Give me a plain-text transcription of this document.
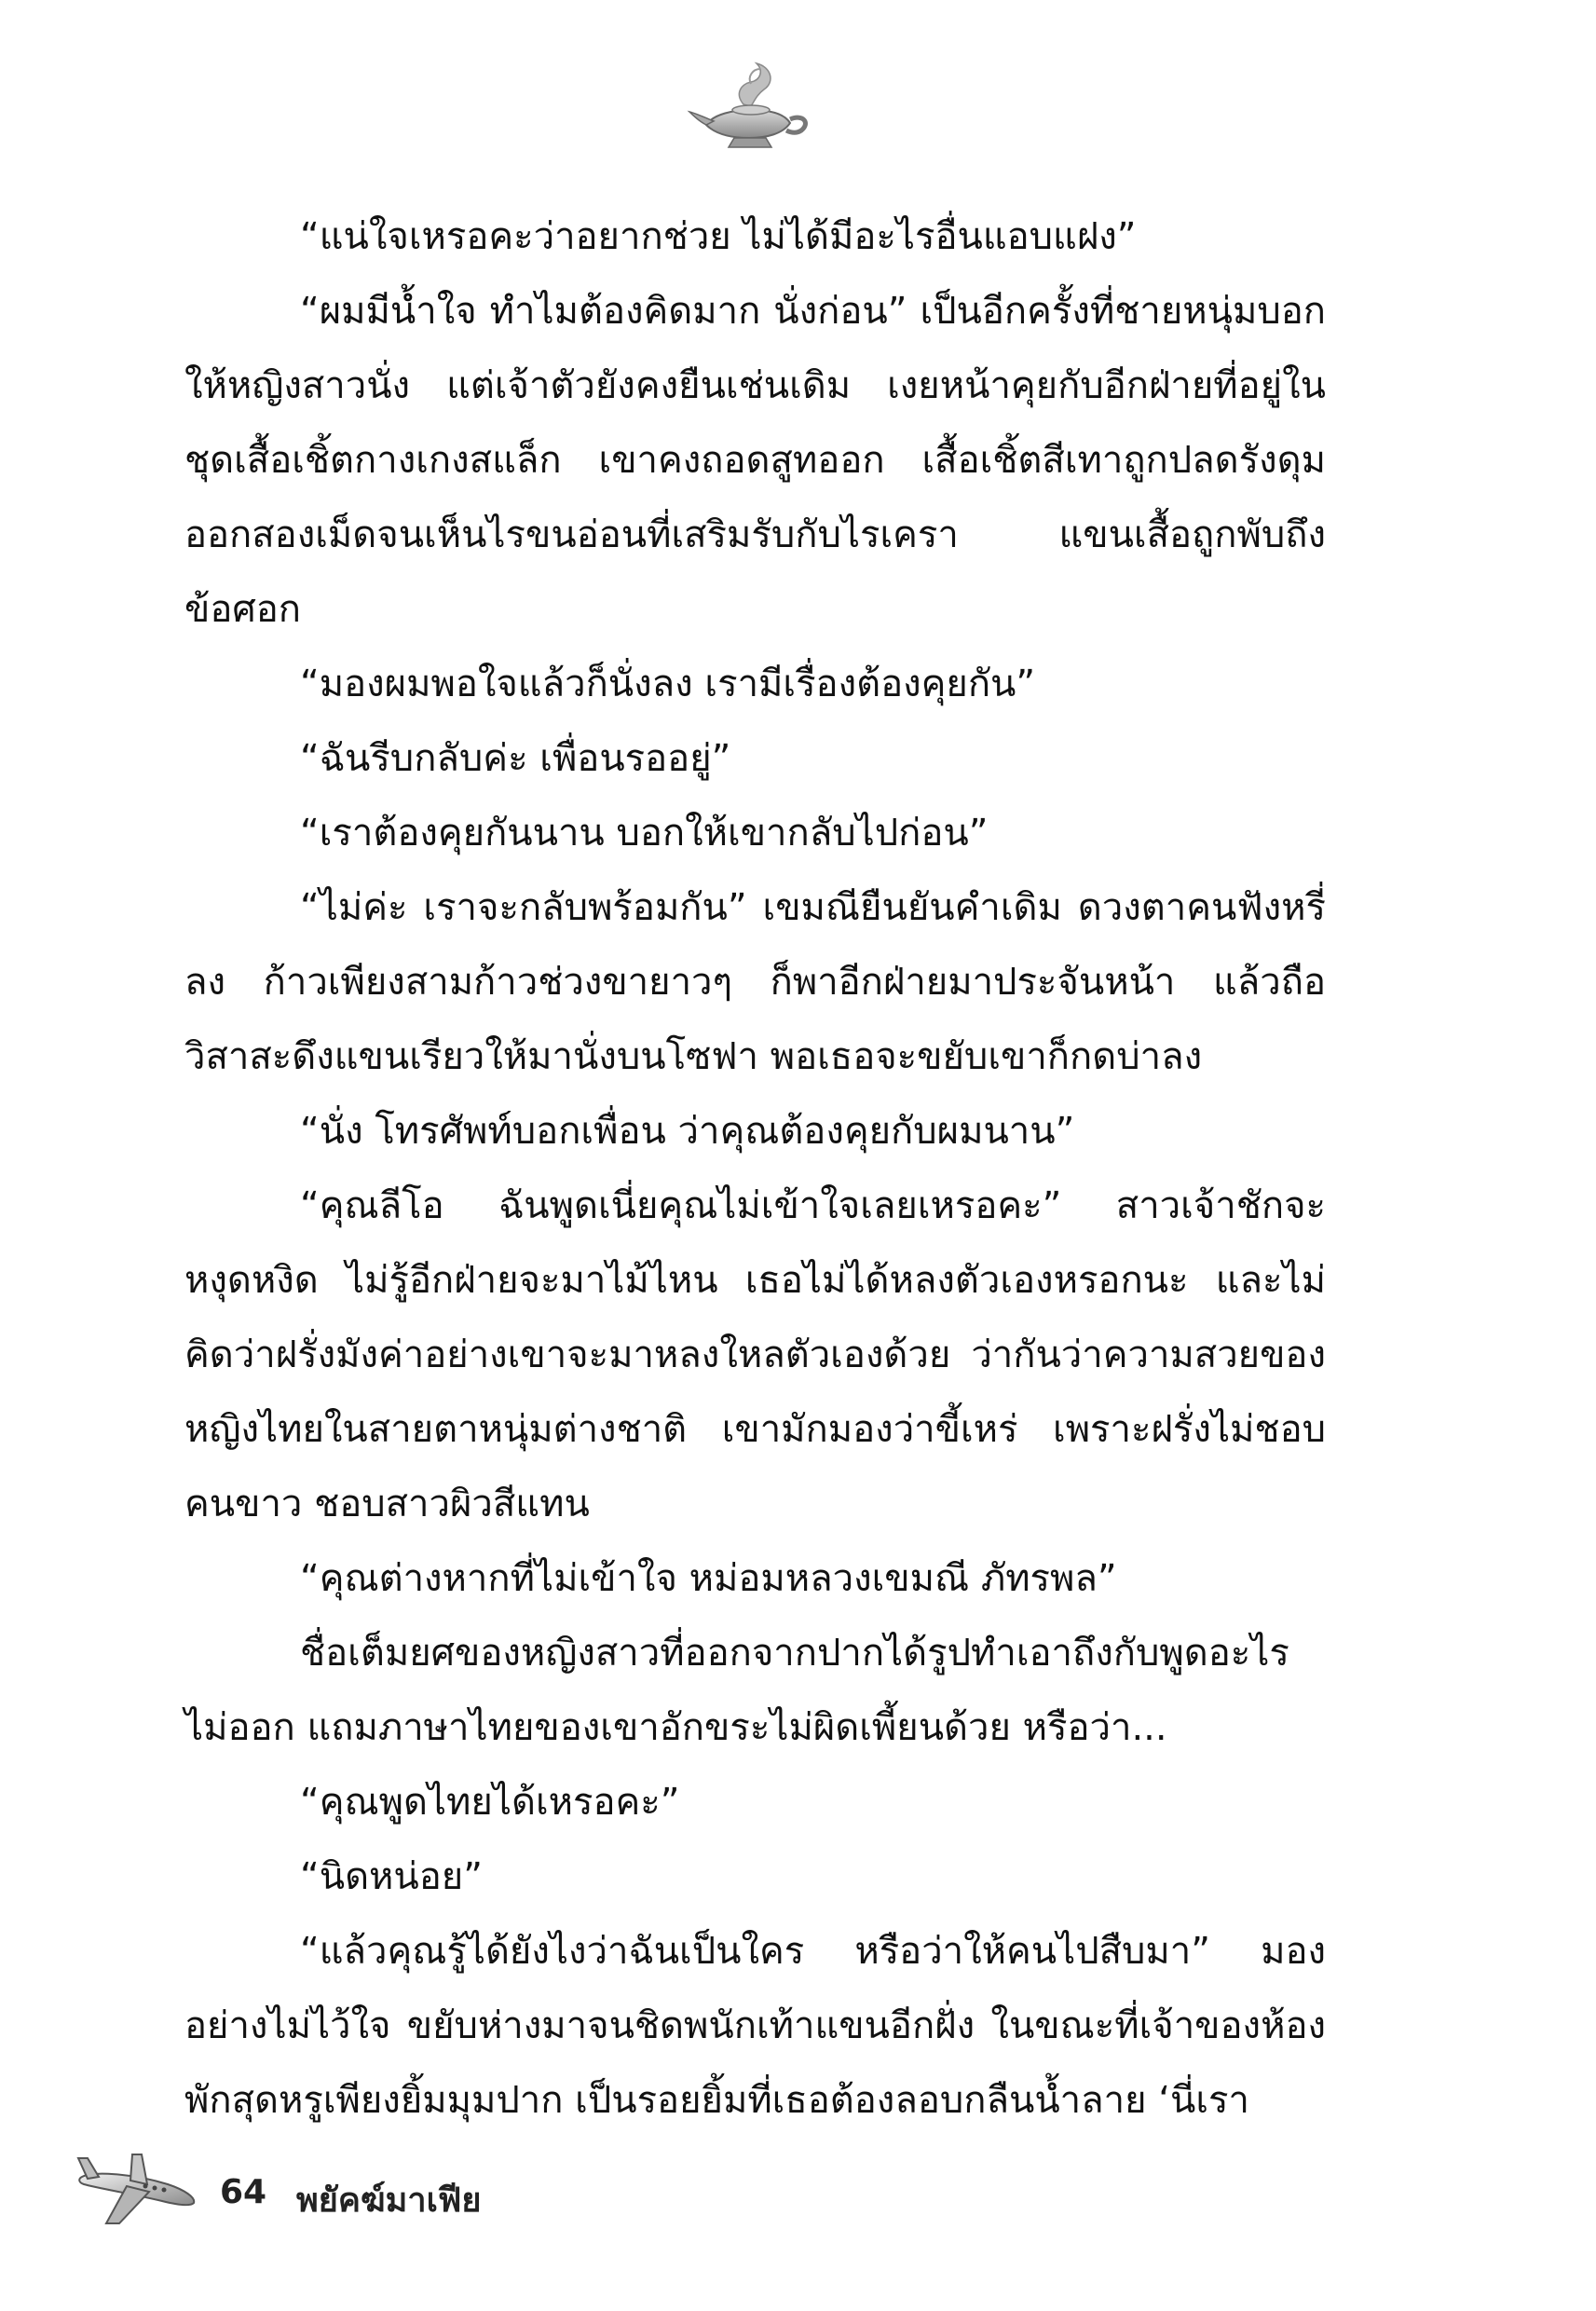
“แน่ใจเหรอคะว่าอยากช่วย ไม่ได้มีอะไรอื่นแอบแฝง”

“ผมมีน้ำใจ ทำไมต้องคิดมาก นั่งก่อน” เป็นอีกครั้งที่ชายหนุ่มบอกให้หญิงสาวนั่ง แต่เจ้าตัวยังคงยืนเช่นเดิม เงยหน้าคุยกับอีกฝ่ายที่อยู่ในชุดเสื้อเชิ้ตกางเกงสแล็ก เขาคงถอดสูทออก เสื้อเชิ้ตสีเทาถูกปลดรังดุมออกสองเม็ดจนเห็นไรขนอ่อนที่เสริมรับกับไรเครา แขนเสื้อถูกพับถึงข้อศอก

“มองผมพอใจแล้วก็นั่งลง เรามีเรื่องต้องคุยกัน”

“ฉันรีบกลับค่ะ เพื่อนรออยู่”

“เราต้องคุยกันนาน บอกให้เขากลับไปก่อน”

“ไม่ค่ะ เราจะกลับพร้อมกัน” เขมณียืนยันคำเดิม ดวงตาคนฟังหรี่ลง ก้าวเพียงสามก้าวช่วงขายาวๆ ก็พาอีกฝ่ายมาประจันหน้า แล้วถือวิสาสะดึงแขนเรียวให้มานั่งบนโซฟา พอเธอจะขยับเขาก็กดบ่าลง

“นั่ง โทรศัพท์บอกเพื่อน ว่าคุณต้องคุยกับผมนาน”

“คุณลีโอ ฉันพูดเนี่ยคุณไม่เข้าใจเลยเหรอคะ” สาวเจ้าชักจะหงุดหงิด ไม่รู้อีกฝ่ายจะมาไม้ไหน เธอไม่ได้หลงตัวเองหรอกนะ และไม่คิดว่าฝรั่งมังค่าอย่างเขาจะมาหลงใหลตัวเองด้วย ว่ากันว่าความสวยของหญิงไทยในสายตาหนุ่มต่างชาติ เขามักมองว่าขี้เหร่ เพราะฝรั่งไม่ชอบคนขาว ชอบสาวผิวสีแทน

“คุณต่างหากที่ไม่เข้าใจ หม่อมหลวงเขมณี ภัทรพล”

ชื่อเต็มยศของหญิงสาวที่ออกจากปากได้รูปทำเอาถึงกับพูดอะไรไม่ออก แถมภาษาไทยของเขาอักขระไม่ผิดเพี้ยนด้วย หรือว่า...

“คุณพูดไทยได้เหรอคะ”

“นิดหน่อย”

“แล้วคุณรู้ได้ยังไงว่าฉันเป็นใคร หรือว่าให้คนไปสืบมา” มองอย่างไม่ไว้ใจ ขยับห่างมาจนชิดพนักเท้าแขนอีกฝั่ง ในขณะที่เจ้าของห้องพักสุดหรูเพียงยิ้มมุมปาก เป็นรอยยิ้มที่เธอต้องลอบกลืนน้ำลาย ‘นี่เรา

64 พยัคฆ์มาเฟีย
